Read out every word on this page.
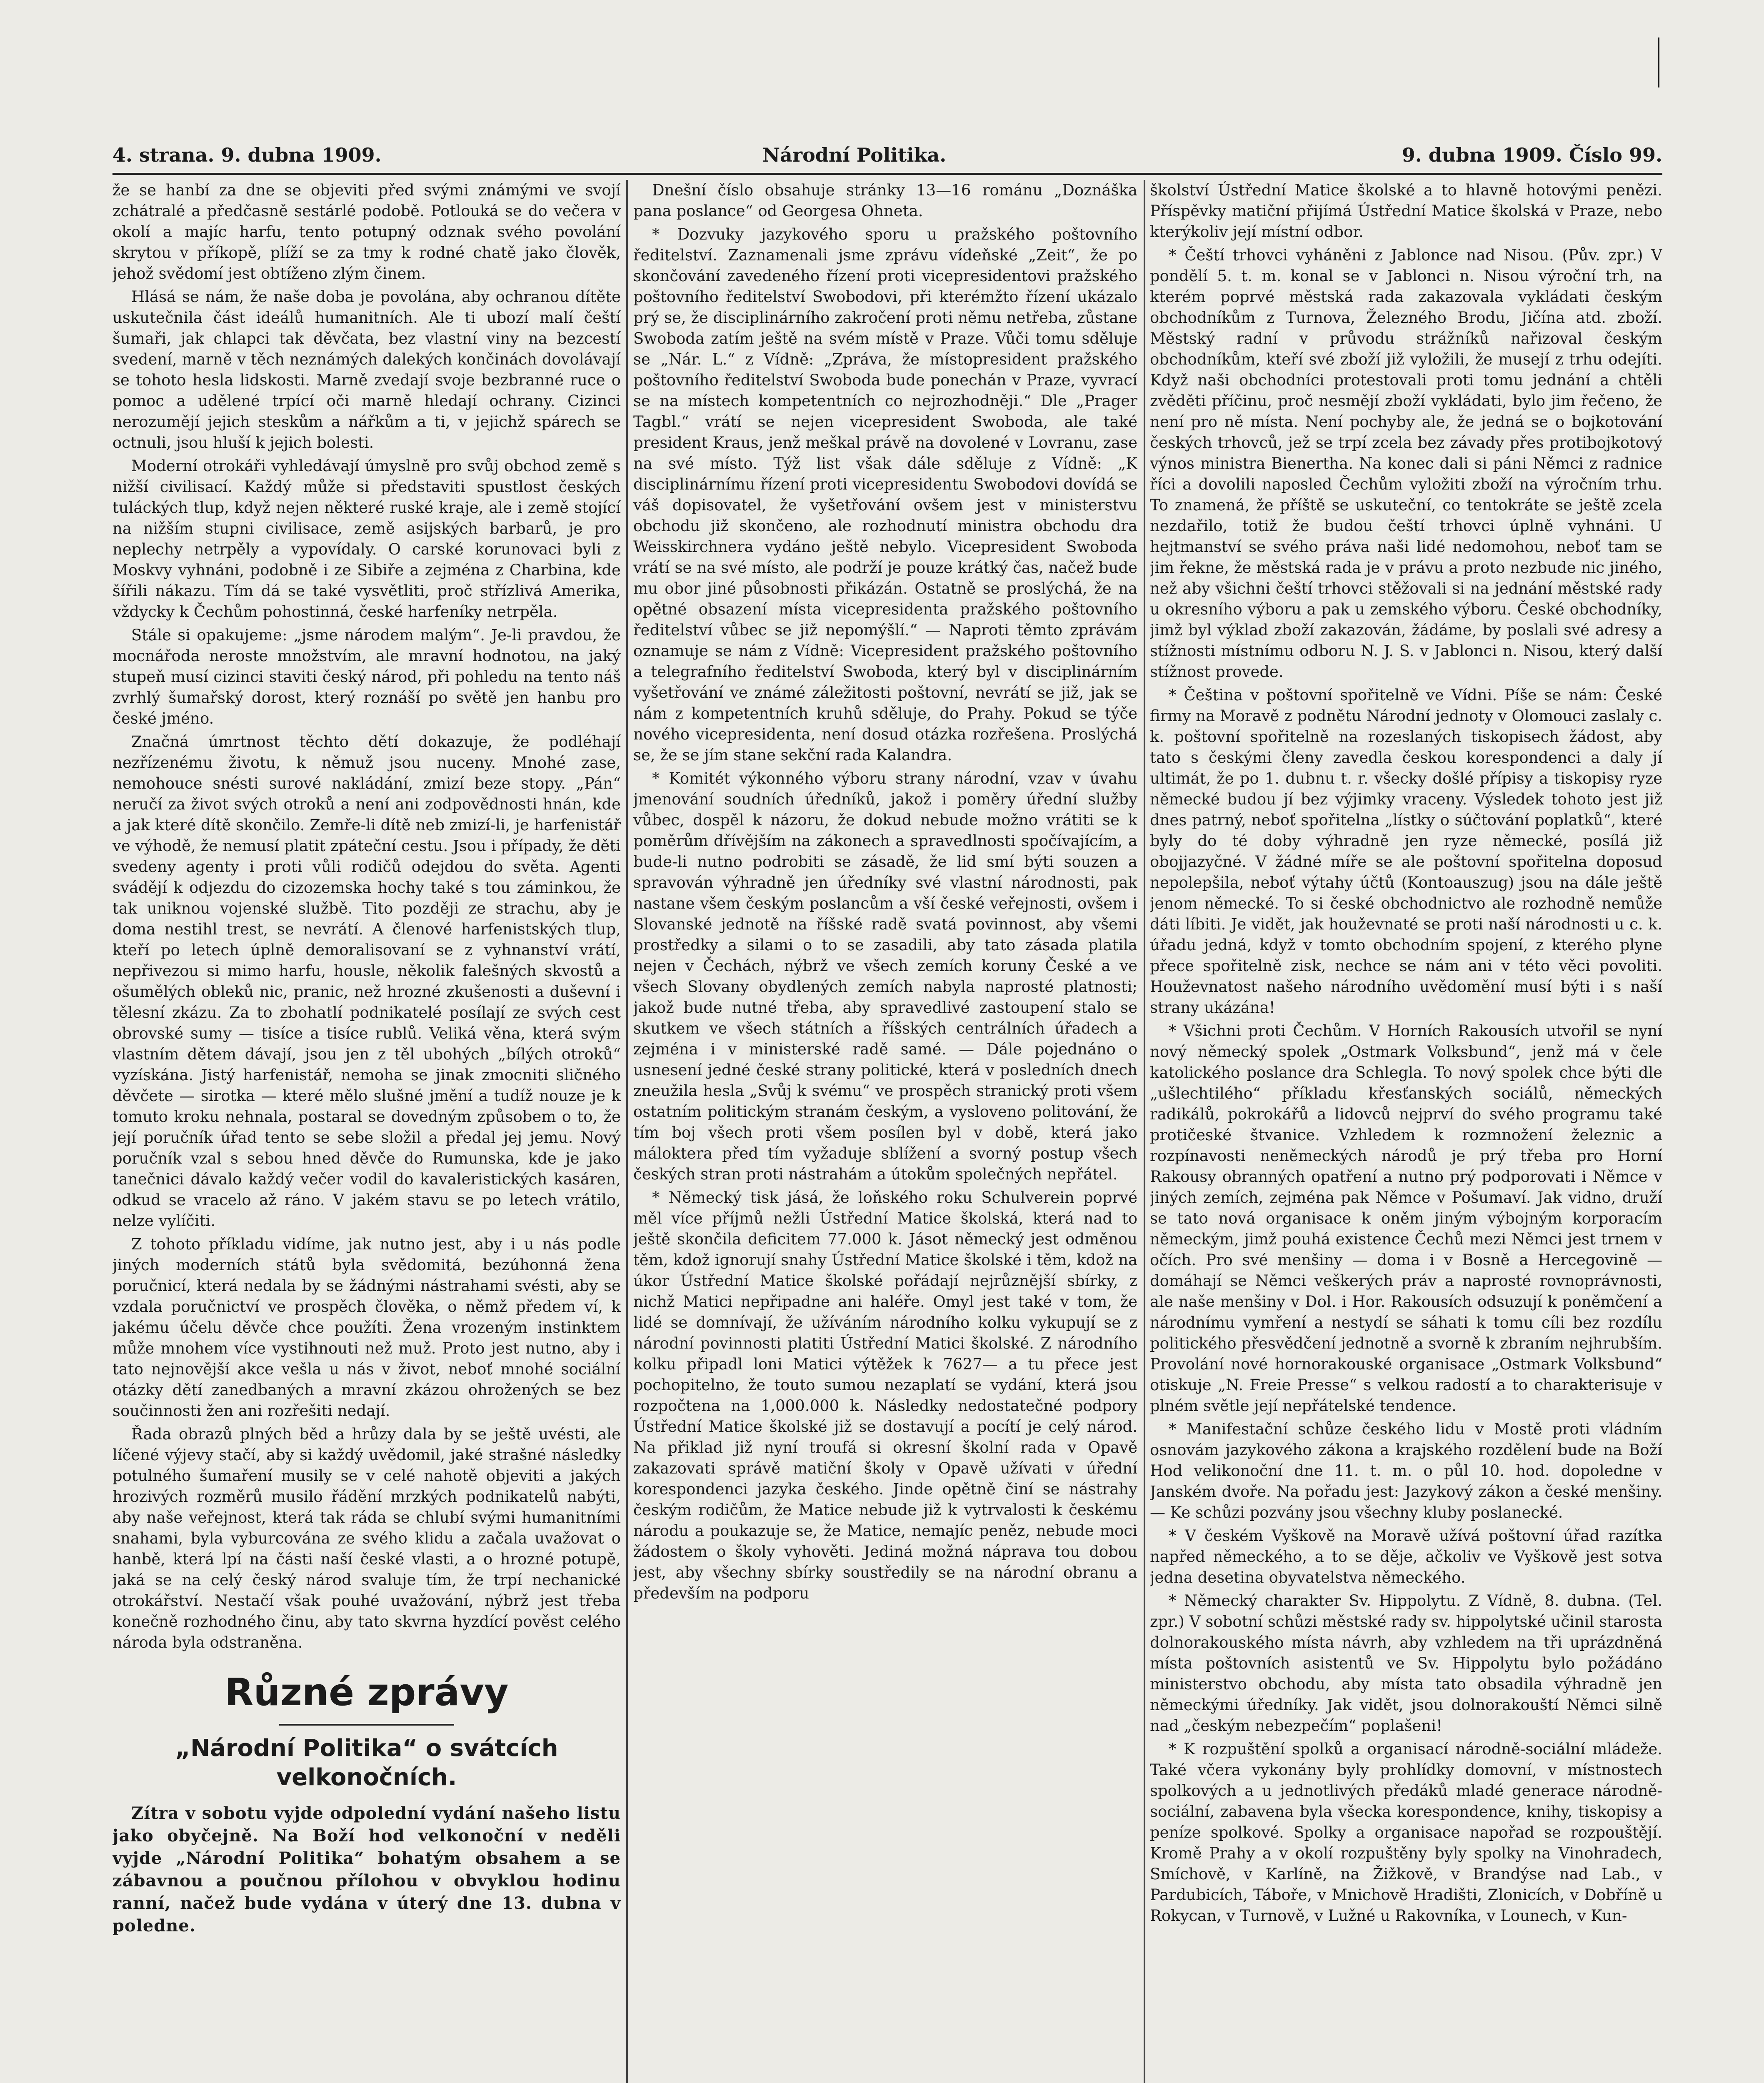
4. strana. 9. dubna 1909.	Národní Politika.	9. dubna 1909. Číslo 99.

že se hanbí za dne se objeviti před svými známými ve svojí zchátralé a předčasně sestárlé podobě. Potlouká se do večera v okolí a majíc harfu, tento potupný odznak svého povolání skrytou v příkopě, plíží se za tmy k rodné chatě jako člověk, jehož svědomí jest obtíženo zlým činem.

Hlásá se nám, že naše doba je povolána, aby ochranou dítěte uskutečnila část ideálů humanitních. Ale ti ubozí malí čeští šumaři, jak chlapci tak děvčata, bez vlastní viny na bezcestí svedení, marně v těch neznámých dalekých končinách dovolávají se tohoto hesla lidskosti. Marně zvedají svoje bezbranné ruce o pomoc a udělené trpící oči marně hledají ochrany. Cizinci nerozumějí jejich steskům a nářkům a ti, v jejichž spárech se octnuli, jsou hluší k jejich bolesti.

Moderní otrokáři vyhledávají úmyslně pro svůj obchod země s nižší civilisací. Každý může si představiti spustlost českých tuláckých tlup, když nejen některé ruské kraje, ale i země stojící na nižším stupni civilisace, země asijských barbarů, je pro neplechy netrpěly a vypovídaly. O carské korunovaci byli z Moskvy vyhnáni, podobně i ze Sibiře a zejména z Charbina, kde šířili nákazu. Tím dá se také vysvětliti, proč střízlivá Amerika, vždycky k Čechům pohostinná, české harfeníky netrpěla.

Stále si opakujeme: „jsme národem malým“. Je-li pravdou, že mocnářoda neroste množstvím, ale mravní hodnotou, na jaký stupeň musí cizinci staviti český národ, při pohledu na tento náš zvrhlý šumařský dorost, který roznáší po světě jen hanbu pro české jméno.

Značná úmrtnost těchto dětí dokazuje, že podléhají nezřízenému životu, k němuž jsou nuceny. Mnohé zase, nemohouce snésti surové nakládání, zmizí beze stopy. „Pán“ neručí za život svých otroků a není ani zodpovědnosti hnán, kde a jak které dítě skončilo. Zemře-li dítě neb zmizí-li, je harfenistář ve výhodě, že nemusí platit zpáteční cestu. Jsou i případy, že děti svedeny agenty i proti vůli rodičů odejdou do světa. Agenti svádějí k odjezdu do cizozemska hochy také s tou záminkou, že tak uniknou vojenské službě. Tito později ze strachu, aby je doma nestihl trest, se nevrátí. A členové harfenistských tlup, kteří po letech úplně demoralisovaní se z vyhnanství vrátí, nepřivezou si mimo harfu, housle, několik falešných skvostů a ošumělých obleků nic, pranic, než hrozné zkušenosti a duševní i tělesní zkázu. Za to zbohatlí podnikatelé posílají ze svých cest obrovské sumy — tisíce a tisíce rublů. Veliká věna, která svým vlastním dětem dávají, jsou jen z těl ubohých „bílých otroků“ vyzískána. Jistý harfenistář, nemoha se jinak zmocniti sličného děvčete — sirotka — které mělo slušné jmění a tudíž nouze je k tomuto kroku nehnala, postaral se dovedným způsobem o to, že její poručník úřad tento se sebe složil a předal jej jemu. Nový poručník vzal s sebou hned děvče do Rumunska, kde je jako tanečnici dávalo každý večer vodil do kavaleristických kasáren, odkud se vracelo až ráno. V jakém stavu se po letech vrátilo, nelze vylíčiti.

Z tohoto příkladu vidíme, jak nutno jest, aby i u nás podle jiných moderních států byla svědomitá, bezúhonná žena poručnicí, která nedala by se žádnými nástrahami svésti, aby se vzdala poručnictví ve prospěch člověka, o němž předem ví, k jakému účelu děvče chce použíti. Žena vrozeným instinktem může mnohem více vystihnouti než muž. Proto jest nutno, aby i tato nejnovější akce vešla u nás v život, neboť mnohé sociální otázky dětí zanedbaných a mravní zkázou ohrožených se bez součinnosti žen ani rozřešiti nedají.

Řada obrazů plných běd a hrůzy dala by se ještě uvésti, ale líčené výjevy stačí, aby si každý uvědomil, jaké strašné následky potulného šumaření musily se v celé nahotě objeviti a jakých hrozivých rozměrů musilo řádění mrzkých podnikatelů nabýti, aby naše veřejnost, která tak ráda se chlubí svými humanitními snahami, byla vyburcována ze svého klidu a začala uvažovat o hanbě, která lpí na části naší české vlasti, a o hrozné potupě, jaká se na celý český národ svaluje tím, že trpí nechanické otrokářství. Nestačí však pouhé uvažování, nýbrž jest třeba konečně rozhodného činu, aby tato skvrna hyzdící pověst celého národa byla odstraněna.

Různé zprávy
„Národní Politika“ o svátcích velkonočních.

Zítra v sobotu vyjde odpolední vydání našeho listu jako obyčejně. Na Boží hod velkonoční v neděli vyjde „Národní Politika“ bohatým obsahem a se zábavnou a poučnou přílohou v obvyklou hodinu ranní, načež bude vydána v úterý dne 13. dubna v poledne.

Dnešní číslo obsahuje stránky 13—16 románu „Doznáška pana poslance“ od Georgesa Ohneta.

* Dozvuky jazykového sporu u pražského poštovního ředitelství. Zaznamenali jsme zprávu vídeňské „Zeit“, že po skončování zavedeného řízení proti vicepresidentovi pražského poštovního ředitelství Swobodovi, při kterémžto řízení ukázalo prý se, že disciplinárního zakročení proti němu netřeba, zůstane Swoboda zatím ještě na svém místě v Praze. Vůči tomu sděluje se „Nár. L.“ z Vídně: „Zpráva, že místopresident pražského poštovního ředitelství Swoboda bude ponechán v Praze, vyvrací se na místech kompetentních co nejrozhodněji.“ Dle „Prager Tagbl.“ vrátí se nejen vicepresident Swoboda, ale také president Kraus, jenž meškal právě na dovolené v Lovranu, zase na své místo. Týž list však dále sděluje z Vídně: „K disciplinárnímu řízení proti vicepresidentu Swobodovi dovídá se váš dopisovatel, že vyšetřování ovšem jest v ministerstvu obchodu již skončeno, ale rozhodnutí ministra obchodu dra Weisskirchnera vydáno ještě nebylo. Vicepresident Swoboda vrátí se na své místo, ale podrží je pouze krátký čas, načež bude mu obor jiné působnosti přikázán. Ostatně se proslýchá, že na opětné obsazení místa vicepresidenta pražského poštovního ředitelství vůbec se již nepomýšlí.“ — Naproti těmto zprávám oznamuje se nám z Vídně: Vicepresident pražského poštovního a telegrafního ředitelství Swoboda, který byl v disciplinárním vyšetřování ve známé záležitosti poštovní, nevrátí se již, jak se nám z kompetentních kruhů sděluje, do Prahy. Pokud se týče nového vicepresidenta, není dosud otázka rozřešena. Proslýchá se, že se jím stane sekční rada Kalandra.

* Komitét výkonného výboru strany národní, vzav v úvahu jmenování soudních úředníků, jakož i poměry úřední služby vůbec, dospěl k názoru, že dokud nebude možno vrátiti se k poměrům dřívějším na zákonech a spravedlnosti spočívajícím, a bude-li nutno podrobiti se zásadě, že lid smí býti souzen a spravován výhradně jen úředníky své vlastní národnosti, pak nastane všem českým poslancům a vší české veřejnosti, ovšem i Slovanské jednotě na říšské radě svatá povinnost, aby všemi prostředky a silami o to se zasadili, aby tato zásada platila nejen v Čechách, nýbrž ve všech zemích koruny České a ve všech Slovany obydlených zemích nabyla naprosté platnosti; jakož bude nutné třeba, aby spravedlivé zastoupení stalo se skutkem ve všech státních a říšských centrálních úřadech a zejména i v ministerské radě samé. — Dále pojednáno o usnesení jedné české strany politické, která v posledních dnech zneužila hesla „Svůj k svému“ ve prospěch stranický proti všem ostatním politickým stranám českým, a vysloveno politování, že tím boj všech proti všem posílen byl v době, která jako máloktera před tím vyžaduje sblížení a svorný postup všech českých stran proti nástrahám a útokům společných nepřátel.

* Německý tisk jásá, že loňského roku Schulverein poprvé měl více příjmů nežli Ústřední Matice školská, která nad to ještě skončila deficitem 77.000 k. Jásot německý jest odměnou těm, kdož ignorují snahy Ústřední Matice školské i těm, kdož na úkor Ústřední Matice školské pořádají nejrůznější sbírky, z nichž Matici nepřipadne ani haléře. Omyl jest také v tom, že lidé se domnívají, že užíváním národního kolku vykupují se z národní povinnosti platiti Ústřední Matici školské. Z národního kolku připadl loni Matici výtěžek k 7627— a tu přece jest pochopitelno, že touto sumou nezaplatí se vydání, která jsou rozpočtena na 1,000.000 k. Následky nedostatečné podpory Ústřední Matice školské již se dostavují a pocítí je celý národ. Na přiklad již nyní troufá si okresní školní rada v Opavě zakazovati správě matiční školy v Opavě užívati v úřední korespondenci jazyka českého. Jinde opětně činí se nástrahy českým rodičům, že Matice nebude již k vytrvalosti k českému národu a poukazuje se, že Matice, nemajíc peněz, nebude moci žádostem o školy vyhověti. Jediná možná náprava tou dobou jest, aby všechny sbírky soustředily se na národní obranu a především na podporu

školství Ústřední Matice školské a to hlavně hotovými penězi. Příspěvky matiční přijímá Ústřední Matice školská v Praze, nebo kterýkoliv její místní odbor.

* Čeští trhovci vyháněni z Jablonce nad Nisou. (Pův. zpr.) V pondělí 5. t. m. konal se v Jablonci n. Nisou výroční trh, na kterém poprvé městská rada zakazovala vykládati českým obchodníkům z Turnova, Železného Brodu, Jičína atd. zboží. Městský radní v průvodu strážníků nařizoval českým obchodníkům, kteří své zboží již vyložili, že musejí z trhu odejíti. Když naši obchodníci protestovali proti tomu jednání a chtěli zvěděti příčinu, proč nesmějí zboží vykládati, bylo jim řečeno, že není pro ně místa. Není pochyby ale, že jedná se o bojkotování českých trhovců, jež se trpí zcela bez závady přes protibojkotový výnos ministra Bienertha. Na konec dali si páni Němci z radnice říci a dovolili naposled Čechům vyložiti zboží na výročním trhu. To znamená, že příště se uskuteční, co tentokráte se ještě zcela nezdařilo, totiž že budou čeští trhovci úplně vyhnáni. U hejtmanství se svého práva naši lidé nedomohou, neboť tam se jim řekne, že městská rada je v právu a proto nezbude nic jiného, než aby všichni čeští trhovci stěžovali si na jednání městské rady u okresního výboru a pak u zemského výboru. České obchodníky, jimž byl výklad zboží zakazován, žádáme, by poslali své adresy a stížnosti místnímu odboru N. J. S. v Jablonci n. Nisou, který další stížnost provede.

* Čeština v poštovní spořitelně ve Vídni. Píše se nám: České firmy na Moravě z podnětu Národní jednoty v Olomouci zaslaly c. k. poštovní spořitelně na rozeslaných tiskopisech žádost, aby tato s českými členy zavedla českou korespondenci a daly jí ultimát, že po 1. dubnu t. r. všecky došlé přípisy a tiskopisy ryze německé budou jí bez výjimky vraceny. Výsledek tohoto jest již dnes patrný, neboť spořitelna „lístky o súčtování poplatků“, které byly do té doby výhradně jen ryze německé, posílá již obojjazyčné. V žádné míře se ale poštovní spořitelna doposud nepolepšila, neboť výtahy účtů (Kontoauszug) jsou na dále ještě jenom německé. To si české obchodnictvo ale rozhodně nemůže dáti líbiti. Je vidět, jak houževnaté se proti naší národnosti u c. k. úřadu jedná, když v tomto obchodním spojení, z kterého plyne přece spořitelně zisk, nechce se nám ani v této věci povoliti. Houževnatost našeho národního uvědomění musí býti i s naší strany ukázána!

* Všichni proti Čechům. V Horních Rakousích utvořil se nyní nový německý spolek „Ostmark Volksbund“, jenž má v čele katolického poslance dra Schlegla. To nový spolek chce býti dle „ušlechtilého“ příkladu křesťanských sociálů, německých radikálů, pokrokářů a lidovců nejprví do svého programu také protičeské štvanice. Vzhledem k rozmnožení železnic a rozpínavosti neněmeckých národů je prý třeba pro Horní Rakousy obranných opatření a nutno prý podporovati i Němce v jiných zemích, zejména pak Němce v Pošumaví. Jak vidno, druží se tato nová organisace k oněm jiným výbojným korporacím německým, jimž pouhá existence Čechů mezi Němci jest trnem v očích. Pro své menšiny — doma i v Bosně a Hercegovině — domáhají se Němci veškerých práv a naprosté rovnoprávnosti, ale naše menšiny v Dol. i Hor. Rakousích odsuzují k poněmčení a národnímu vymření a nestydí se sáhati k tomu cíli bez rozdílu politického přesvědčení jednotně a svorně k zbraním nejhrubším. Provolání nové hornorakouské organisace „Ostmark Volksbund“ otiskuje „N. Freie Presse“ s velkou radostí a to charakterisuje v plném světle její nepřátelské tendence.

* Manifestační schůze českého lidu v Mostě proti vládním osnovám jazykového zákona a krajského rozdělení bude na Boží Hod velikonoční dne 11. t. m. o půl 10. hod. dopoledne v Janském dvoře. Na pořadu jest: Jazykový zákon a české menšiny. — Ke schůzi pozvány jsou všechny kluby poslanecké.

* V českém Vyškově na Moravě užívá poštovní úřad razítka napřed německého, a to se děje, ačkoliv ve Vyškově jest sotva jedna desetina obyvatelstva německého.

* Německý charakter Sv. Hippolytu. Z Vídně, 8. dubna. (Tel. zpr.) V sobotní schůzi městské rady sv. hippolytské učinil starosta dolnorakouského místa návrh, aby vzhledem na tři uprázdněná místa poštovních asistentů ve Sv. Hippolytu bylo požádáno ministerstvo obchodu, aby místa tato obsadila výhradně jen německými úředníky. Jak vidět, jsou dolnorakouští Němci silně nad „českým nebezpečím“ poplašeni!

* K rozpuštění spolků a organisací národně-sociální mládeže. Také včera vykonány byly prohlídky domovní, v místnostech spolkových a u jednotlivých předáků mladé generace národně-sociální, zabavena byla všecka korespondence, knihy, tiskopisy a peníze spolkové. Spolky a organisace napořad se rozpouštějí. Kromě Prahy a v okolí rozpuštěny byly spolky na Vinohradech, Smíchově, v Karlíně, na Žižkově, v Brandýse nad Lab., v Pardubicích, Táboře, v Mnichově Hradišti, Zlonicích, v Dobříně u Rokycan, v Turnově, v Lužné u Rakovníka, v Lounech, v Kun-
